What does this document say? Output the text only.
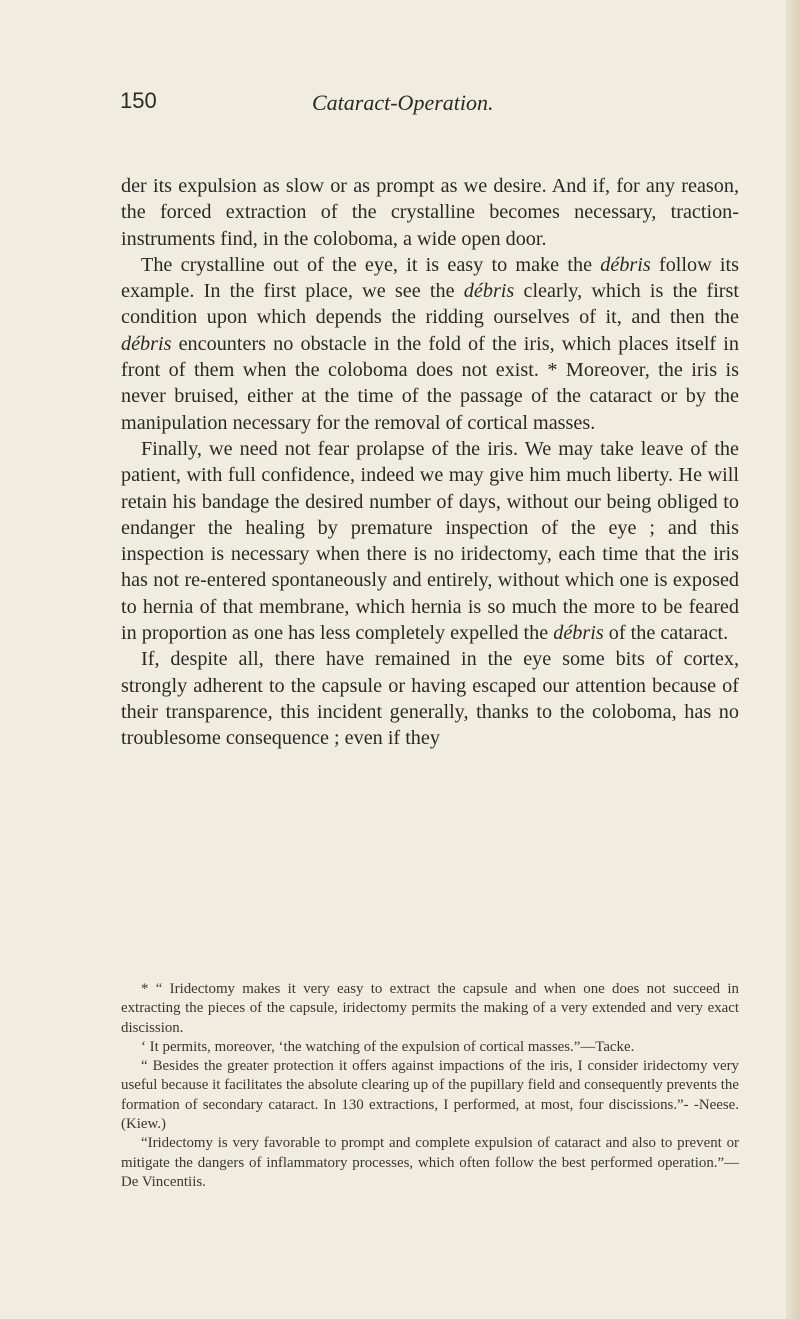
150	Cataract-Operation.

der its expulsion as slow or as prompt as we desire. And if, for any reason, the forced extraction of the crystalline becomes necessary, traction-instruments find, in the coloboma, a wide open door.

The crystalline out of the eye, it is easy to make the débris follow its example. In the first place, we see the débris clearly, which is the first condition upon which depends the ridding ourselves of it, and then the débris encounters no obstacle in the fold of the iris, which places itself in front of them when the coloboma does not exist. * Moreover, the iris is never bruised, either at the time of the passage of the cataract or by the manipulation necessary for the removal of cortical masses.

Finally, we need not fear prolapse of the iris. We may take leave of the patient, with full confidence, indeed we may give him much liberty. He will retain his bandage the desired number of days, without our being obliged to endanger the healing by premature inspection of the eye ; and this inspection is necessary when there is no iridectomy, each time that the iris has not re-entered spontaneously and entirely, without which one is exposed to hernia of that membrane, which hernia is so much the more to be feared in proportion as one has less completely expelled the débris of the cataract.

If, despite all, there have remained in the eye some bits of cortex, strongly adherent to the capsule or having escaped our attention because of their transparence, this incident generally, thanks to the coloboma, has no troublesome consequence ; even if they

* “ Iridectomy makes it very easy to extract the capsule and when one does not succeed in extracting the pieces of the capsule, iridectomy permits the making of a very extended and very exact discission.

‘ It permits, moreover, ‘the watching of the expulsion of cortical masses.”—Tacke.

“ Besides the greater protection it offers against impactions of the iris, I consider iridectomy very useful because it facilitates the absolute clearing up of the pupillary field and consequently prevents the formation of secondary cataract. In 130 extractions, I performed, at most, four discissions.”- -Neese. (Kiew.)

“Iridectomy is very favorable to prompt and complete expulsion of cataract and also to prevent or mitigate the dangers of inflammatory processes, which often follow the best performed operation.”—De Vincentiis.
